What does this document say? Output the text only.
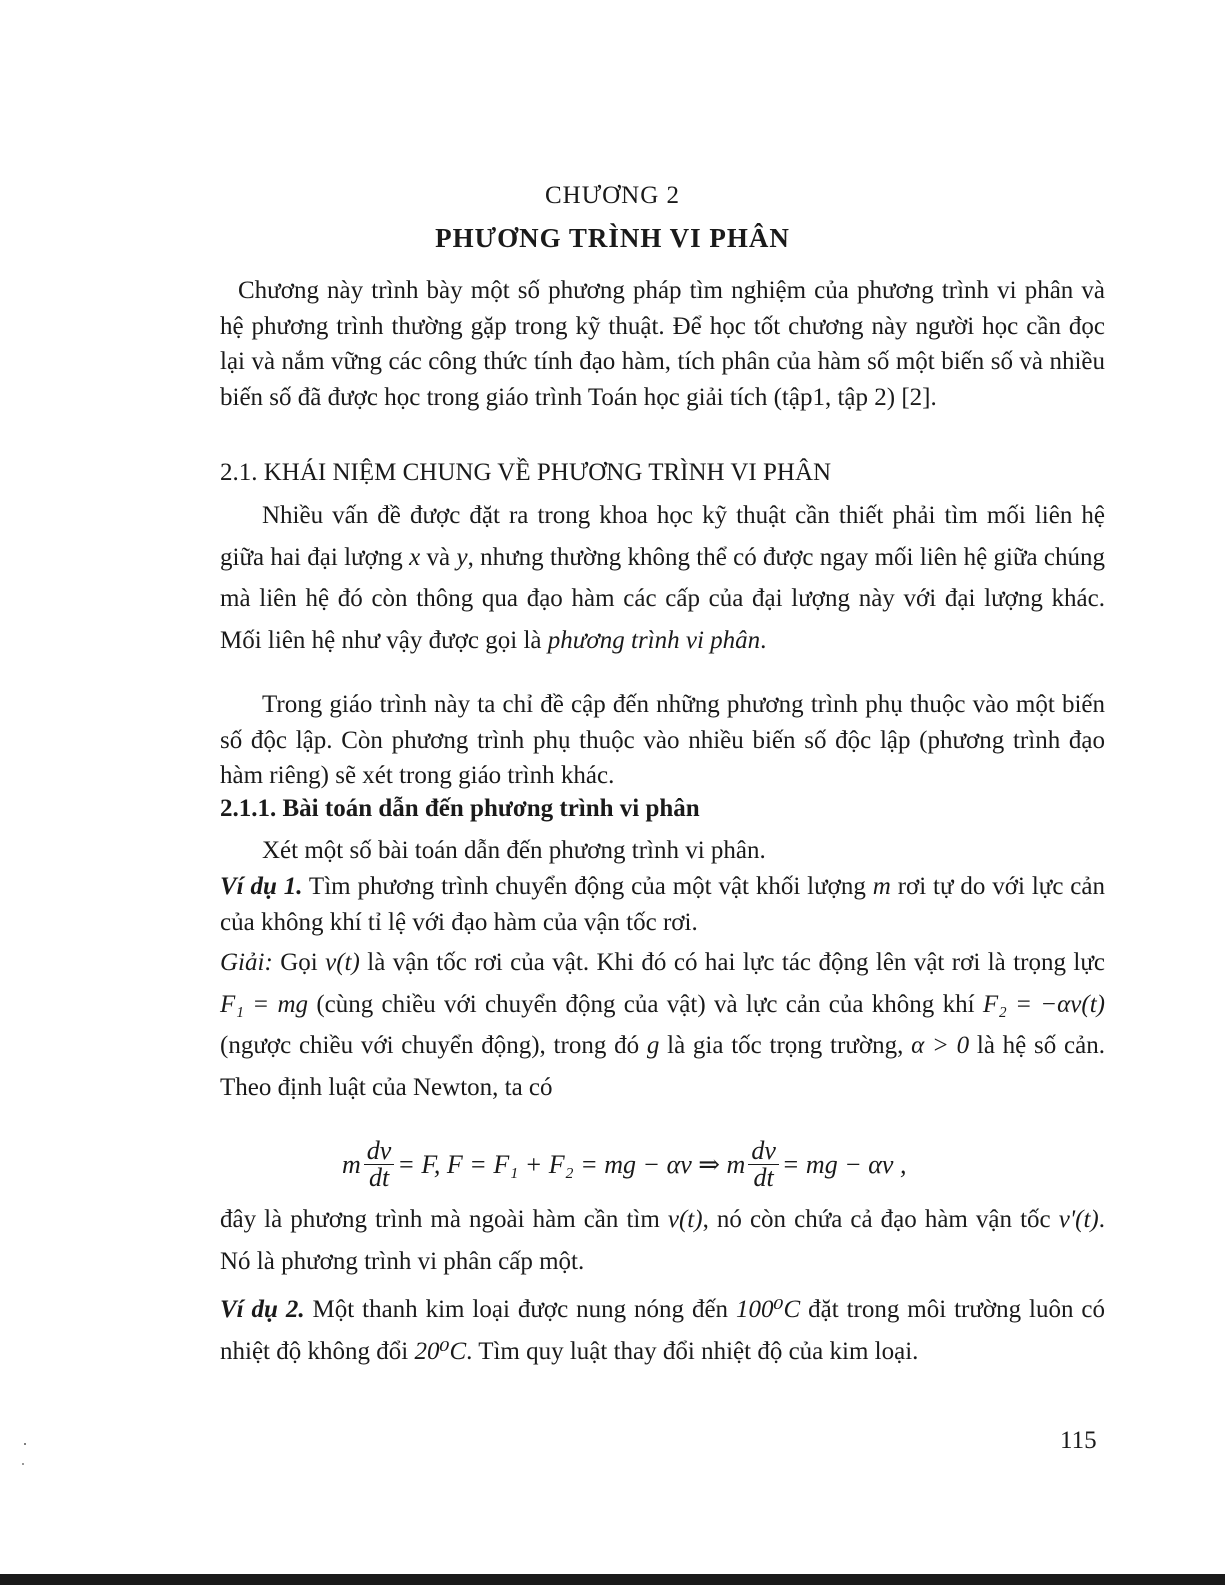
CHƯƠNG 2
PHƯƠNG TRÌNH VI PHÂN

Chương này trình bày một số phương pháp tìm nghiệm của phương trình vi phân và hệ phương trình thường gặp trong kỹ thuật. Để học tốt chương này người học cần đọc lại và nắm vững các công thức tính đạo hàm, tích phân của hàm số một biến số và nhiều biến số đã được học trong giáo trình Toán học giải tích (tập1, tập 2) [2].

2.1. KHÁI NIỆM CHUNG VỀ PHƯƠNG TRÌNH VI PHÂN

Nhiều vấn đề được đặt ra trong khoa học kỹ thuật cần thiết phải tìm mối liên hệ giữa hai đại lượng x và y, nhưng thường không thể có được ngay mối liên hệ giữa chúng mà liên hệ đó còn thông qua đạo hàm các cấp của đại lượng này với đại lượng khác. Mối liên hệ như vậy được gọi là phương trình vi phân.

Trong giáo trình này ta chỉ đề cập đến những phương trình phụ thuộc vào một biến số độc lập. Còn phương trình phụ thuộc vào nhiều biến số độc lập (phương trình đạo hàm riêng) sẽ xét trong giáo trình khác.

2.1.1. Bài toán dẫn đến phương trình vi phân

Xét một số bài toán dẫn đến phương trình vi phân.

Ví dụ 1. Tìm phương trình chuyển động của một vật khối lượng m rơi tự do với lực cản của không khí tỉ lệ với đạo hàm của vận tốc rơi.

Giải: Gọi v(t) là vận tốc rơi của vật. Khi đó có hai lực tác động lên vật rơi là trọng lực F₁ = mg (cùng chiều với chuyển động của vật) và lực cản của không khí F₂ = −αv(t) (ngược chiều với chuyển động), trong đó g là gia tốc trọng trường, α > 0 là hệ số cản. Theo định luật của Newton, ta có

m $\frac{dv}{dt} = F$, F = F₁ + F₂ = mg − αv ⇒ m $\frac{dv}{dt}$ = mg − αv ,

đây là phương trình mà ngoài hàm cần tìm v(t), nó còn chứa cả đạo hàm vận tốc v'(t). Nó là phương trình vi phân cấp một.

Ví dụ 2. Một thanh kim loại được nung nóng đến 100⁰C đặt trong môi trường luôn có nhiệt độ không đổi 20⁰C. Tìm quy luật thay đổi nhiệt độ của kim loại.

115
